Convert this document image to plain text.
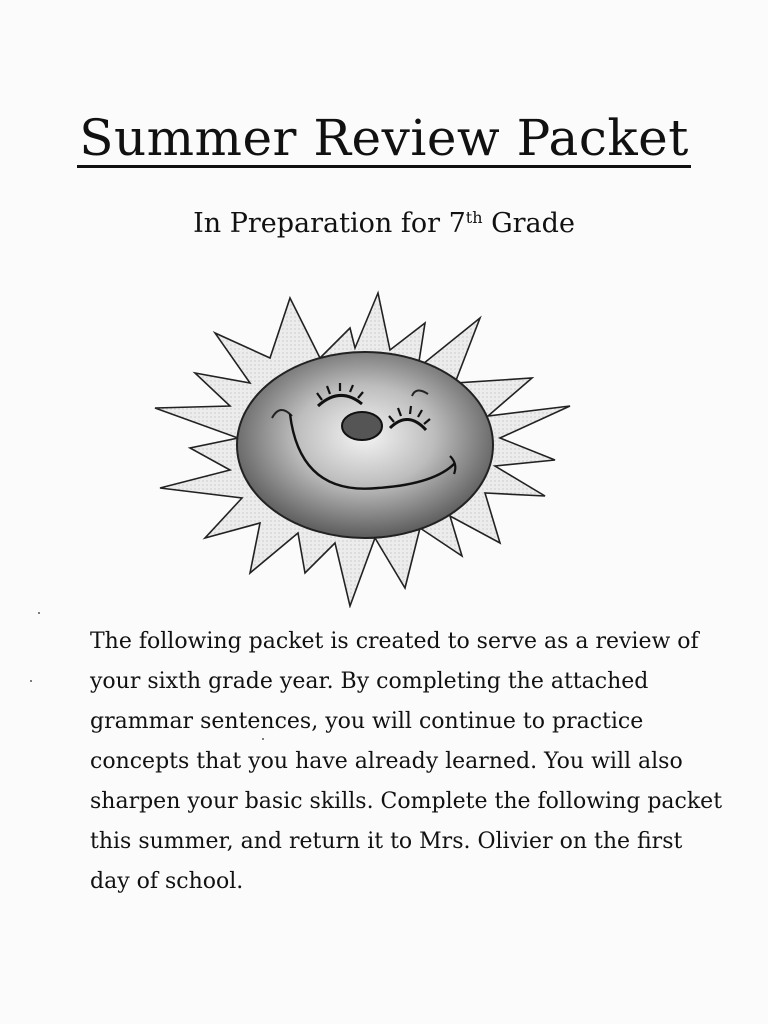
Summer Review Packet
In Preparation for 7th Grade
The following packet is created to serve as a review of
your sixth grade year. By completing the attached
grammar sentences, you will continue to practice
concepts that you have already learned. You will also
sharpen your basic skills. Complete the following packet
this summer, and return it to Mrs. Olivier on the first
day of school.
